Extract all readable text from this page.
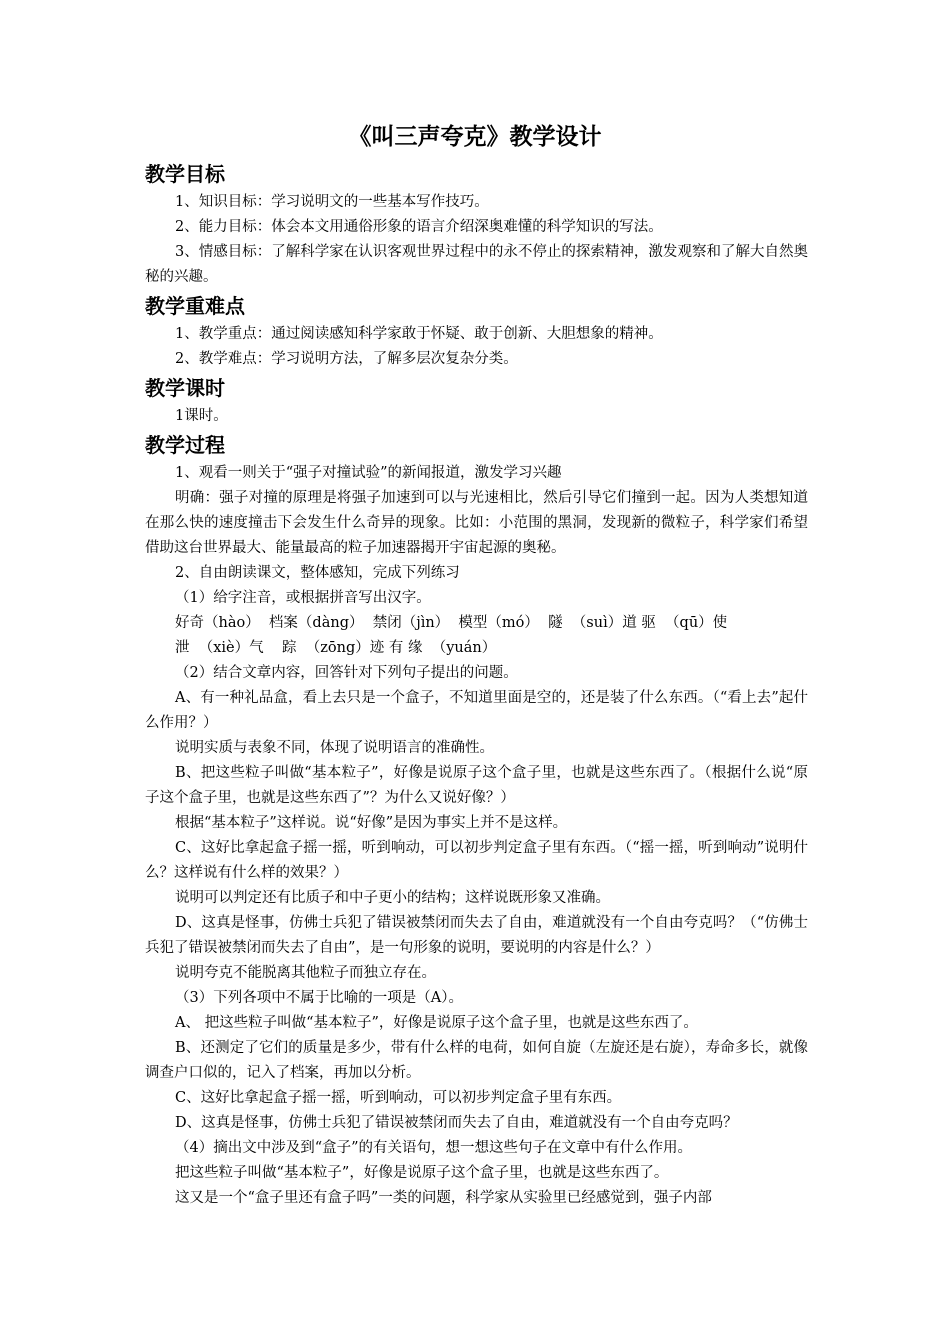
《叫三声夸克》教学设计
教学目标

1、知识目标：学习说明文的一些基本写作技巧。

2、能力目标：体会本文用通俗形象的语言介绍深奥难懂的科学知识的写法。

3、情感目标：了解科学家在认识客观世界过程中的永不停止的探索精神，激发观察和了解大自然奥秘的兴趣。

教学重难点

1、教学重点：通过阅读感知科学家敢于怀疑、敢于创新、大胆想象的精神。

2、教学难点：学习说明方法，了解多层次复杂分类。

教学课时

1课时。

教学过程

1、观看一则关于“强子对撞试验”的新闻报道，激发学习兴趣

明确：强子对撞的原理是将强子加速到可以与光速相比，然后引导它们撞到一起。因为人类想知道在那么快的速度撞击下会发生什么奇异的现象。比如：小范围的黑洞，发现新的微粒子，科学家们希望借助这台世界最大、能量最高的粒子加速器揭开宇宙起源的奥秘。

2、自由朗读课文，整体感知，完成下列练习

（1）给字注音，或根据拼音写出汉字。

好奇（hào）  档案（dàng）  禁闭（jìn）  模型（mó）  隧  （suì）道 驱  （qū）使

泄  （xiè）气    踪  （zōng）迹 有 缘  （yuán）

（2）结合文章内容，回答针对下列句子提出的问题。

A、有一种礼品盒，看上去只是一个盒子，不知道里面是空的，还是装了什么东西。（“看上去”起什么作用？）

说明实质与表象不同，体现了说明语言的准确性。

B、把这些粒子叫做“基本粒子”，好像是说原子这个盒子里，也就是这些东西了。（根据什么说“原子这个盒子里，也就是这些东西了”？为什么又说好像？）

根据“基本粒子”这样说。说“好像”是因为事实上并不是这样。

C、这好比拿起盒子摇一摇，听到响动，可以初步判定盒子里有东西。（“摇一摇，听到响动”说明什么？这样说有什么样的效果？）

说明可以判定还有比质子和中子更小的结构；这样说既形象又准确。

D、这真是怪事，仿佛士兵犯了错误被禁闭而失去了自由，难道就没有一个自由夸克吗？（“仿佛士兵犯了错误被禁闭而失去了自由”，是一句形象的说明，要说明的内容是什么？）

说明夸克不能脱离其他粒子而独立存在。

（3）下列各项中不属于比喻的一项是（A）。

A、 把这些粒子叫做“基本粒子”，好像是说原子这个盒子里，也就是这些东西了。

B、还测定了它们的质量是多少，带有什么样的电荷，如何自旋（左旋还是右旋），寿命多长，就像调查户口似的，记入了档案，再加以分析。

C、这好比拿起盒子摇一摇，听到响动，可以初步判定盒子里有东西。

D、这真是怪事，仿佛士兵犯了错误被禁闭而失去了自由，难道就没有一个自由夸克吗？

（4）摘出文中涉及到“盒子”的有关语句，想一想这些句子在文章中有什么作用。

把这些粒子叫做“基本粒子”，好像是说原子这个盒子里，也就是这些东西了。

这又是一个“盒子里还有盒子吗”一类的问题，科学家从实验里已经感觉到，强子内部
